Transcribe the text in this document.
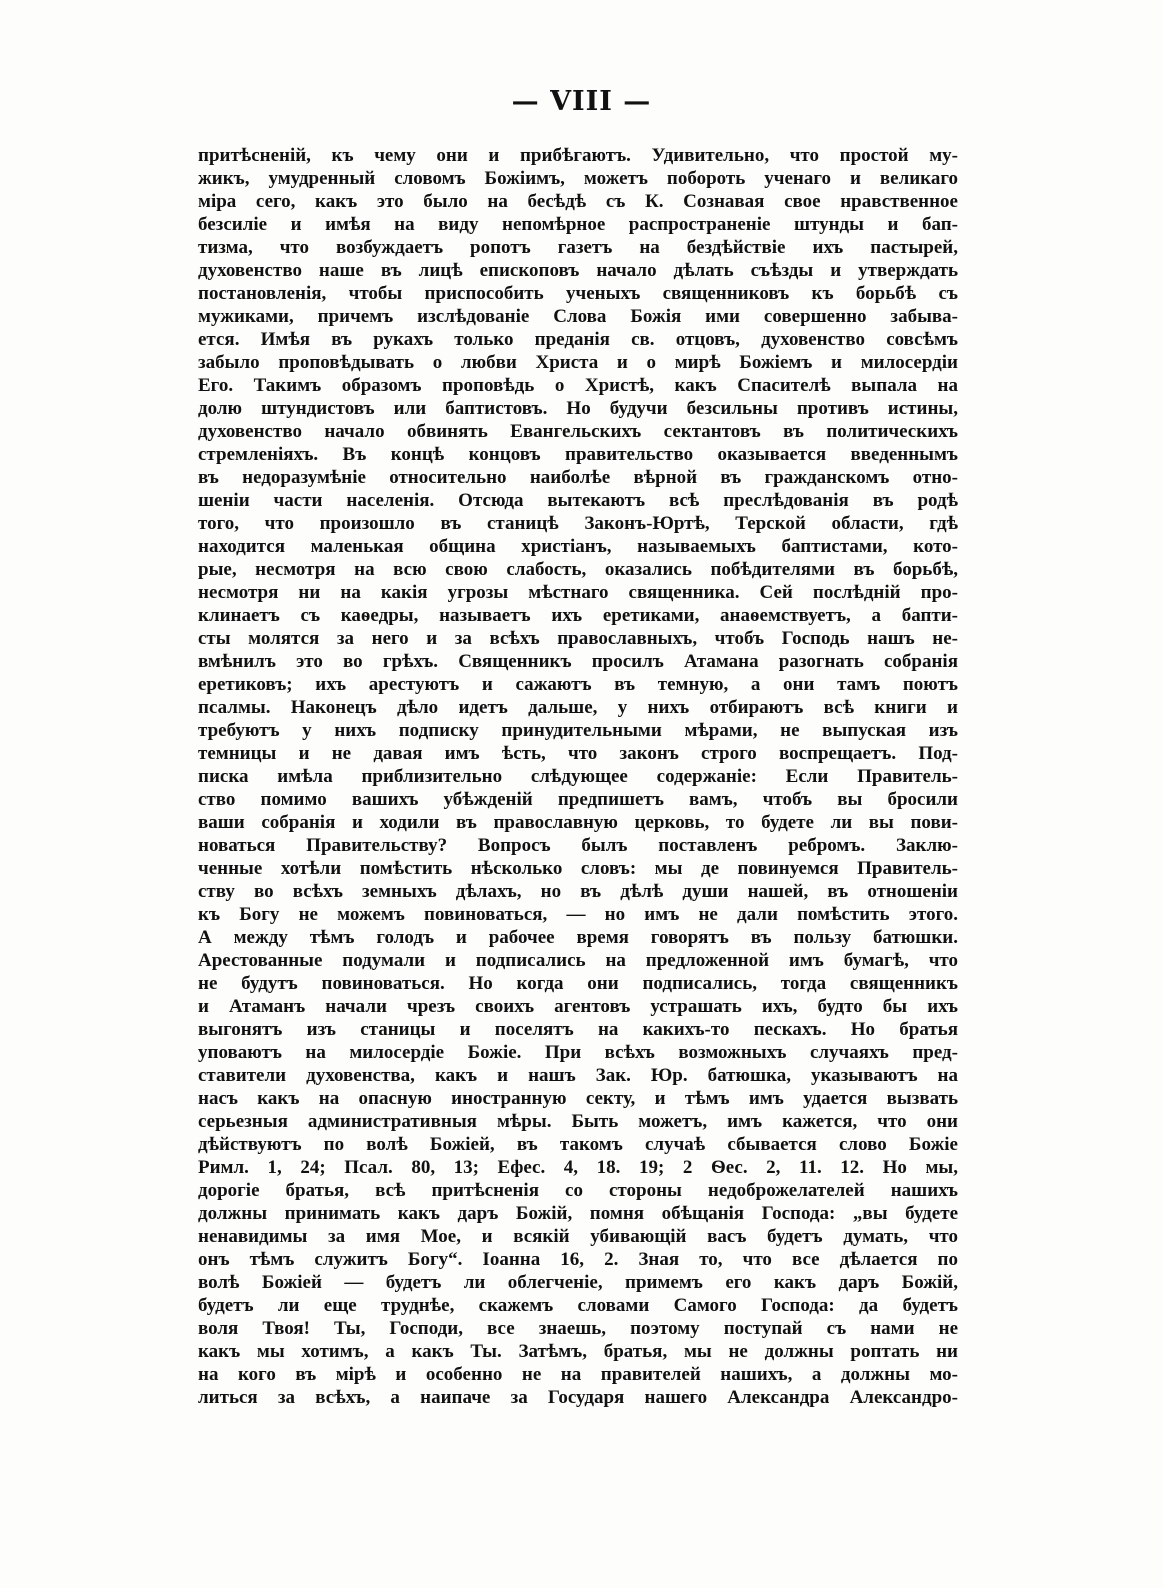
— VIII —
притѣсненій, къ чему они и прибѣгаютъ. Удивительно, что простой му-
жикъ, умудренный словомъ Божіимъ, можетъ побороть ученаго и великаго
міра сего, какъ это было на бесѣдѣ съ К. Сознавая свое нравственное
безсиліе и имѣя на виду непомѣрное распространеніе штунды и бап-
тизма, что возбуждаетъ ропотъ газетъ на бездѣйствіе ихъ пастырей,
духовенство наше въ лицѣ епископовъ начало дѣлать съѣзды и утверждать
постановленія, чтобы приспособить ученыхъ священниковъ къ борьбѣ съ
мужиками, причемъ изслѣдованіе Слова Божія ими совершенно забыва-
ется. Имѣя въ рукахъ только преданія св. отцовъ, духовенство совсѣмъ
забыло проповѣдывать о любви Христа и о мирѣ Божіемъ и милосердіи
Его. Такимъ образомъ проповѣдь о Христѣ, какъ Спасителѣ выпала на
долю штундистовъ или баптистовъ. Но будучи безсильны противъ истины,
духовенство начало обвинять Евангельскихъ сектантовъ въ политическихъ
стремленіяхъ. Въ концѣ концовъ правительство оказывается введеннымъ
въ недоразумѣніе относительно наиболѣе вѣрной въ гражданскомъ отно-
шеніи части населенія. Отсюда вытекаютъ всѣ преслѣдованія въ родѣ
того, что произошло въ станицѣ Законъ-Юртѣ, Терской области, гдѣ
находится маленькая община христіанъ, называемыхъ баптистами, кото-
рые, несмотря на всю свою слабость, оказались побѣдителями въ борьбѣ,
несмотря ни на какія угрозы мѣстнаго священника. Сей послѣдній про-
клинаетъ съ каѳедры, называетъ ихъ еретиками, анаѳемствуетъ, а бапти-
сты молятся за него и за всѣхъ православныхъ, чтобъ Господь нашъ не-
вмѣнилъ это во грѣхъ. Священникъ просилъ Атамана разогнать собранія
еретиковъ; ихъ арестуютъ и сажаютъ въ темную, а они тамъ поютъ
псалмы. Наконецъ дѣло идетъ дальше, у нихъ отбираютъ всѣ книги и
требуютъ у нихъ подписку принудительными мѣрами, не выпуская изъ
темницы и не давая имъ ѣсть, что законъ строго воспрещаетъ. Под-
писка имѣла приблизительно слѣдующее содержаніе: Если Правитель-
ство помимо вашихъ убѣжденій предпишетъ вамъ, чтобъ вы бросили
ваши собранія и ходили въ православную церковь, то будете ли вы пови-
новаться Правительству? Вопросъ былъ поставленъ ребромъ. Заклю-
ченные хотѣли помѣстить нѣсколько словъ: мы де повинуемся Правитель-
ству во всѣхъ земныхъ дѣлахъ, но въ дѣлѣ души нашей, въ отношеніи
къ Богу не можемъ повиноваться, — но имъ не дали помѣстить этого.
А между тѣмъ голодъ и рабочее время говорятъ въ пользу батюшки.
Арестованные подумали и подписались на предложенной имъ бумагѣ, что
не будутъ повиноваться. Но когда они подписались, тогда священникъ
и Атаманъ начали чрезъ своихъ агентовъ устрашать ихъ, будто бы ихъ
выгонятъ изъ станицы и поселятъ на какихъ-то пескахъ. Но братья
уповаютъ на милосердіе Божіе. При всѣхъ возможныхъ случаяхъ пред-
ставители духовенства, какъ и нашъ Зак. Юр. батюшка, указываютъ на
насъ какъ на опасную иностранную секту, и тѣмъ имъ удается вызвать
серьезныя административныя мѣры. Быть можетъ, имъ кажется, что они
дѣйствуютъ по волѣ Божіей, въ такомъ случаѣ сбывается слово Божіе
Римл. 1, 24; Псал. 80, 13; Ефес. 4, 18. 19; 2 Ѳес. 2, 11. 12. Но мы,
дорогіе братья, всѣ притѣсненія со стороны недоброжелателей нашихъ
должны принимать какъ даръ Божій, помня обѣщанія Господа: „вы будете
ненавидимы за имя Мое, и всякій убивающій васъ будетъ думать, что
онъ тѣмъ служитъ Богу“. Іоанна 16, 2. Зная то, что все дѣлается по
волѣ Божіей — будетъ ли облегченіе, примемъ его какъ даръ Божій,
будетъ ли еще труднѣе, скажемъ словами Самого Господа: да будетъ
воля Твоя! Ты, Господи, все знаешь, поэтому поступай съ нами не
какъ мы хотимъ, а какъ Ты. Затѣмъ, братья, мы не должны роптать ни
на кого въ мірѣ и особенно не на правителей нашихъ, а должны мо-
литься за всѣхъ, а наипаче за Государя нашего Александра Александро-
